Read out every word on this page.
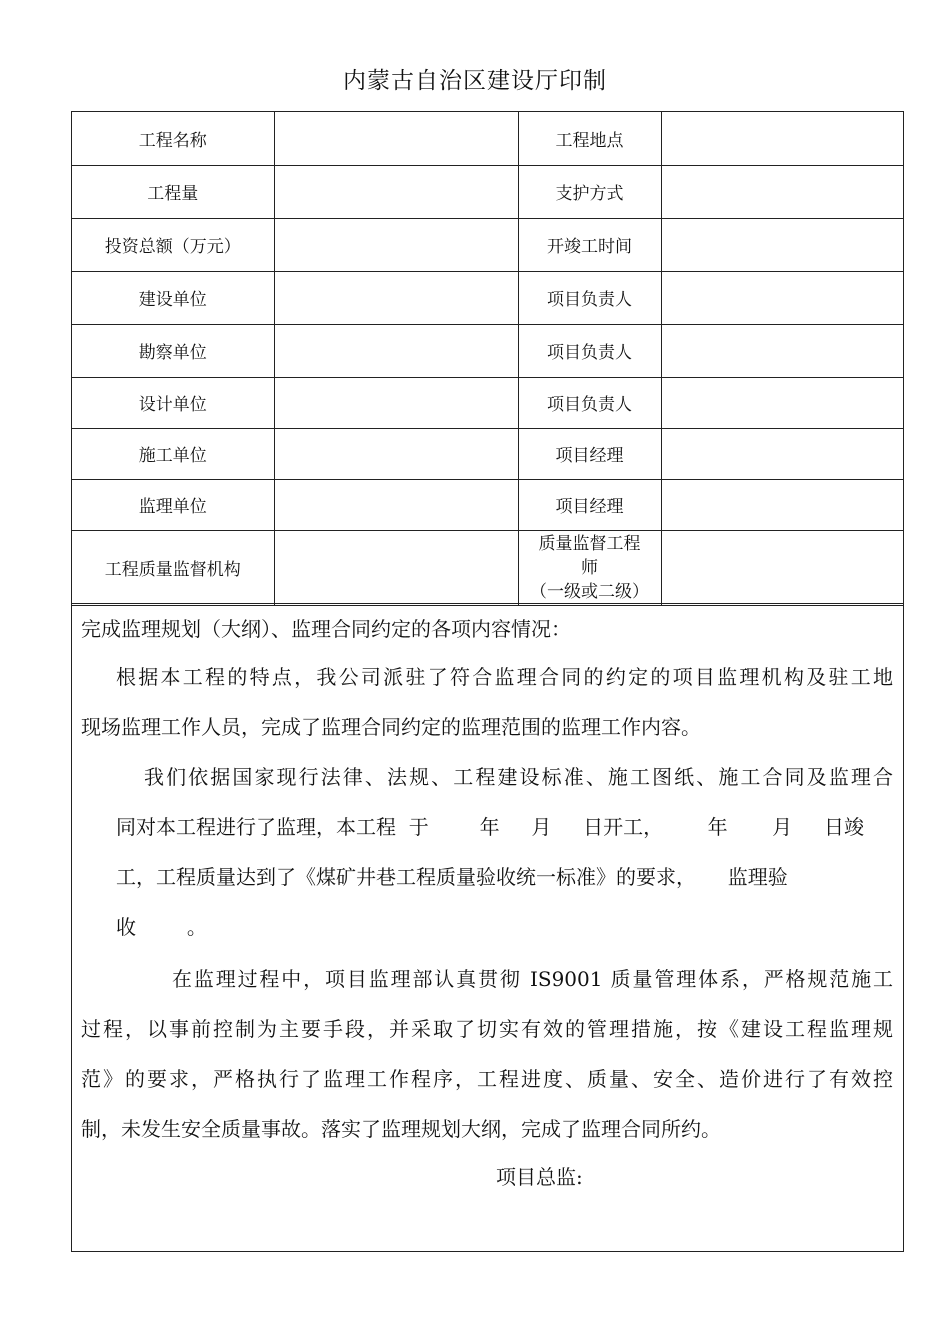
内蒙古自治区建设厅印制
工程名称		工程地点	
工程量		支护方式	
投资总额（万元）		开竣工时间	
建设单位		项目负责人	
勘察单位		项目负责人	
设计单位		项目负责人	
施工单位		项目经理	
监理单位		项目经理	
工程质量监督机构		质量监督工程
师
（一级或二级）	

完成监理规划（大纲）、监理合同约定的各项内容情况：
根据本工程的特点，我公司派驻了符合监理合同的约定的项目监理机构及驻工地
现场监理工作人员，完成了监理合同约定的监理范围的监理工作内容。
我们依据国家现行法律、法规、工程建设标准、施工图纸、施工合同及监理合
同对本工程进行了监理，本工程  于        年     月     日开工，       年       月     日竣
工，工程质量达到了《煤矿井巷工程质量验收统一标准》的要求，     监理验
收        。
在监理过程中，项目监理部认真贯彻 IS9001 质量管理体系，严格规范施工
过程，以事前控制为主要手段，并采取了切实有效的管理措施，按《建设工程监理规
范》的要求，严格执行了监理工作程序，工程进度、质量、安全、造价进行了有效控
制，未发生安全质量事故。落实了监理规划大纲，完成了监理合同所约。
项目总监:
